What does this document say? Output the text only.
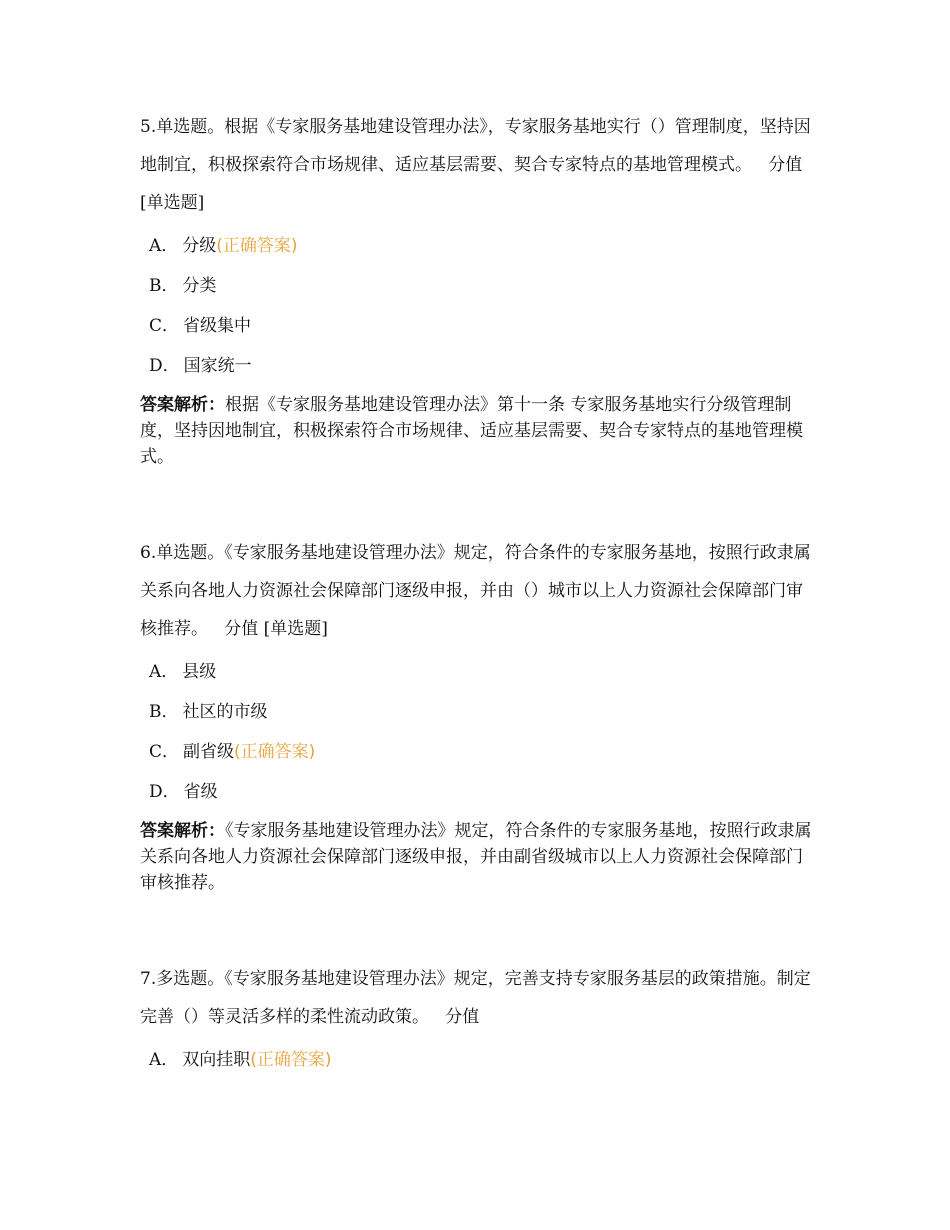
5.单选题。根据《专家服务基地建设管理办法》，专家服务基地实行（）管理制度，坚持因地制宜，积极探索符合市场规律、适应基层需要、契合专家特点的基地管理模式。 分值 [单选题]

A． 分级(正确答案)
B． 分类
C． 省级集中
D． 国家统一

答案解析：根据《专家服务基地建设管理办法》第十一条 专家服务基地实行分级管理制度，坚持因地制宜，积极探索符合市场规律、适应基层需要、契合专家特点的基地管理模式。

6.单选题。《专家服务基地建设管理办法》规定，符合条件的专家服务基地，按照行政隶属关系向各地人力资源社会保障部门逐级申报，并由（）城市以上人力资源社会保障部门审核推荐。 分值 [单选题]

A． 县级
B． 社区的市级
C． 副省级(正确答案)
D． 省级

答案解析：《专家服务基地建设管理办法》规定，符合条件的专家服务基地，按照行政隶属关系向各地人力资源社会保障部门逐级申报，并由副省级城市以上人力资源社会保障部门审核推荐。

7.多选题。《专家服务基地建设管理办法》规定，完善支持专家服务基层的政策措施。制定完善（）等灵活多样的柔性流动政策。 分值

A． 双向挂职(正确答案)
